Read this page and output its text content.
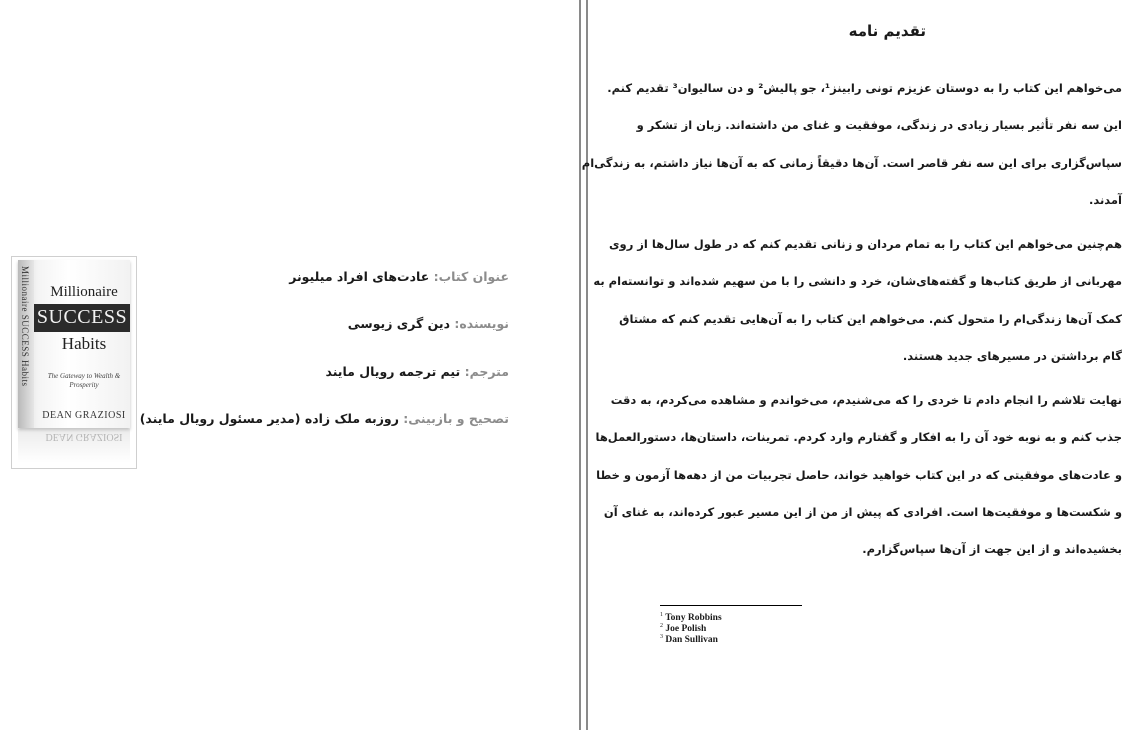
Millionaire SUCCESS Habits	Millionaire
SUCCESS
Habits
The Gateway to Wealth & Prosperity
DEAN GRAZIOSI
DEAN GRAZIOSI
عنوان کتاب: عادت‌های افراد میلیونر
نویسنده: دین گری زیوسی
مترجم: تیم ترجمه رویال مایند
تصحیح و بازبینی: روزبه ملک زاده (مدیر مسئول رویال مایند)
تقدیم نامه
می‌خواهم این کتاب را به دوستان عزیزم تونی رابینز¹، جو پالیش² و دن سالیوان³ تقدیم کنم.
این سه نفر تأثیر بسیار زیادی در زندگی، موفقیت و غنای من داشته‌اند. زبان از تشکر و
سپاس‌گزاری برای این سه نفر قاصر است. آن‌ها دقیقاً زمانی که به آن‌ها نیاز داشتم، به زندگی‌ام
آمدند.
هم‌چنین می‌خواهم این کتاب را به تمام مردان و زنانی تقدیم کنم که در طول سال‌ها از روی
مهربانی از طریق کتاب‌ها و گفته‌های‌شان، خرد و دانشی را با من سهیم شده‌اند و توانسته‌ام به
کمک آن‌ها زندگی‌ام را متحول کنم. می‌خواهم این کتاب را به آن‌هایی تقدیم کنم که مشتاق
گام برداشتن در مسیرهای جدید هستند.
نهایت تلاشم را انجام دادم تا خردی را که می‌شنیدم، می‌خواندم و مشاهده می‌کردم، به دقت
جذب کنم و به نوبه خود آن را به افکار و گفتارم وارد کردم. تمرینات، داستان‌ها، دستورالعمل‌ها
و عادت‌های موفقیتی که در این کتاب خواهید خواند، حاصل تجربیات من از دهه‌ها آزمون و خطا
و شکست‌ها و موفقیت‌ها است. افرادی که پیش از من از این مسیر عبور کرده‌اند، به غنای آن
بخشیده‌اند و از این جهت از آن‌ها سپاس‌گزارم.
$^1$ Tony Robbins
$^2$ Joe Polish
$^3$ Dan Sullivan
